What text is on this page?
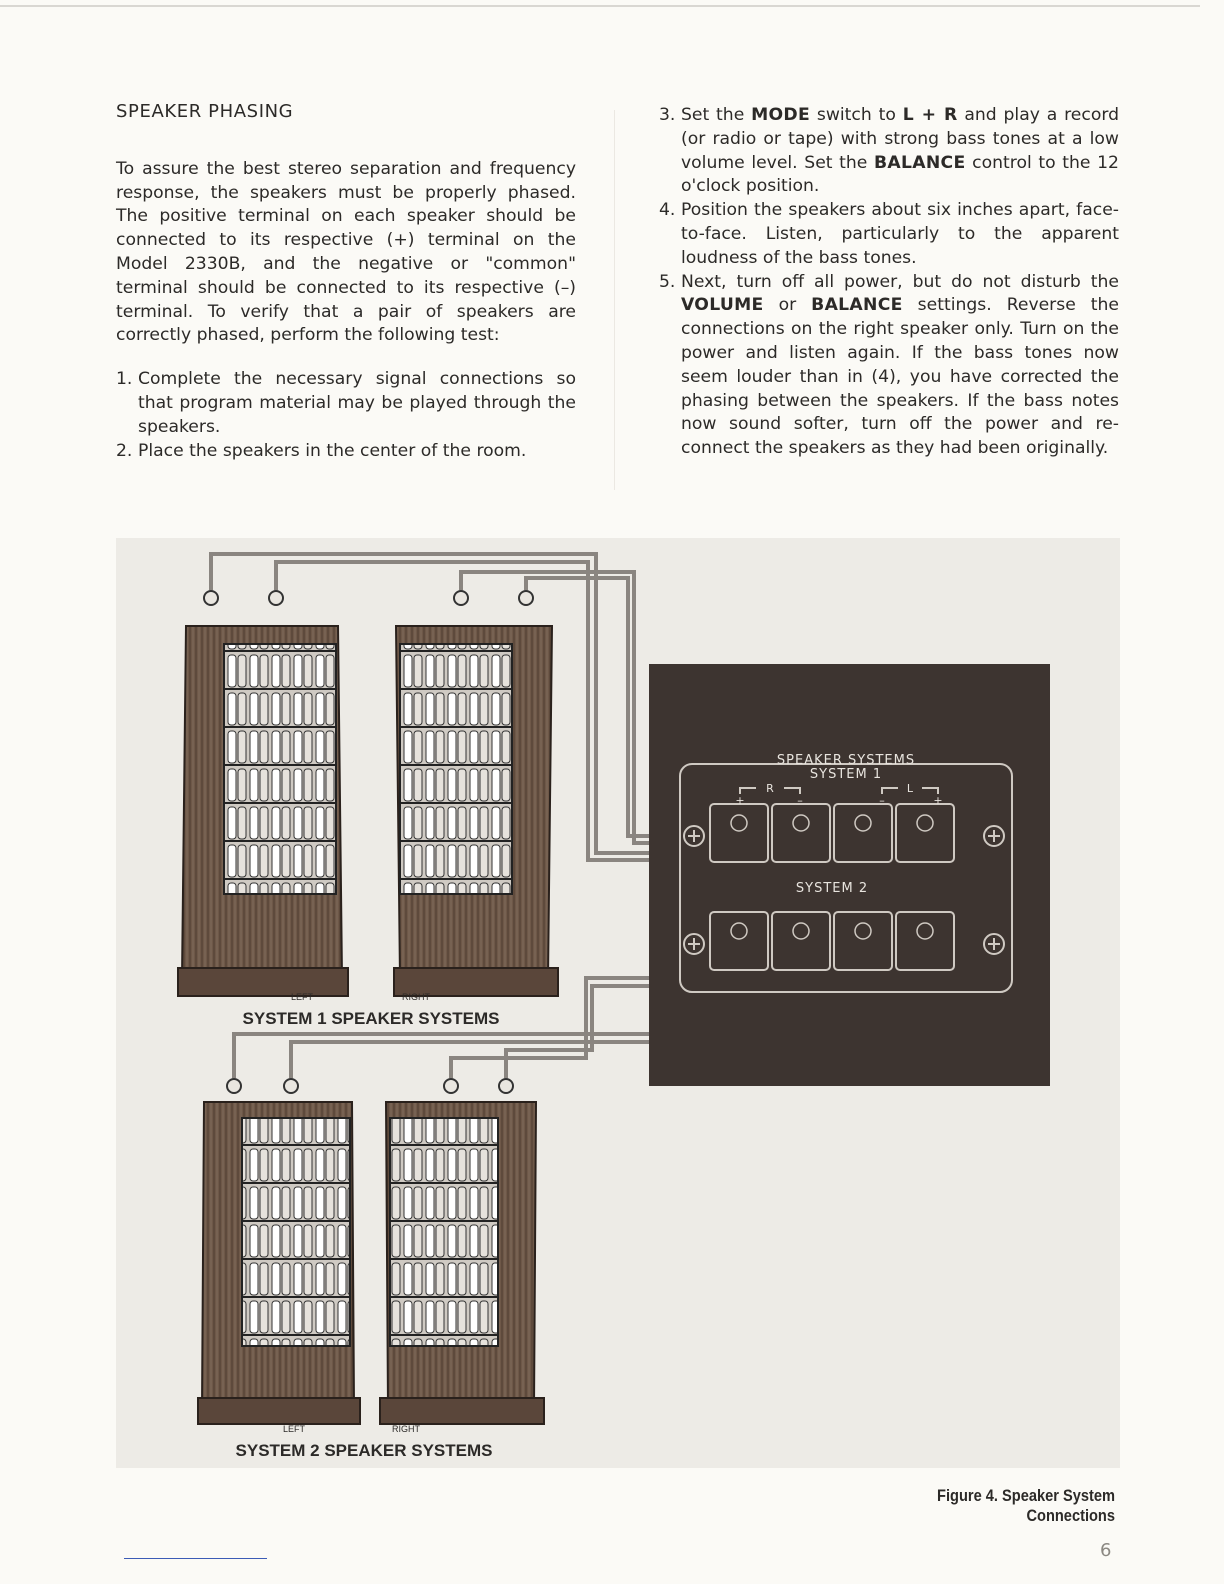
SPEAKER PHASING

To assure the best stereo separation and frequency response, the speakers must be properly phased. The positive terminal on each speaker should be connected to its respective (+) terminal on the Model 2330B, and the negative or "common" terminal should be connected to its respective (–) terminal. To verify that a pair of speakers are correctly phased, perform the following test:

1. Complete the necessary signal connections so that program material may be played through the speakers.
2. Place the speakers in the center of the room.
3. Set the MODE switch to L + R and play a record (or radio or tape) with strong bass tones at a low volume level. Set the BALANCE control to the 12 o'clock position.
4. Position the speakers about six inches apart, face-to-face. Listen, particularly to the apparent loudness of the bass tones.
5. Next, turn off all power, but do not disturb the VOLUME or BALANCE settings. Reverse the connections on the right speaker only. Turn on the power and listen again. If the bass tones now seem louder than in (4), you have corrected the phasing between the speakers. If the bass notes now sound softer, turn off the power and re-connect the speakers as they had been originally.
SPEAKER SYSTEMS
SYSTEM 1
R	L
+	–	–	+
SYSTEM 2
LEFT	RIGHT
SYSTEM 1 SPEAKER SYSTEMS
LEFT	RIGHT
SYSTEM 2 SPEAKER SYSTEMS
Figure 4. Speaker System Connections
6
